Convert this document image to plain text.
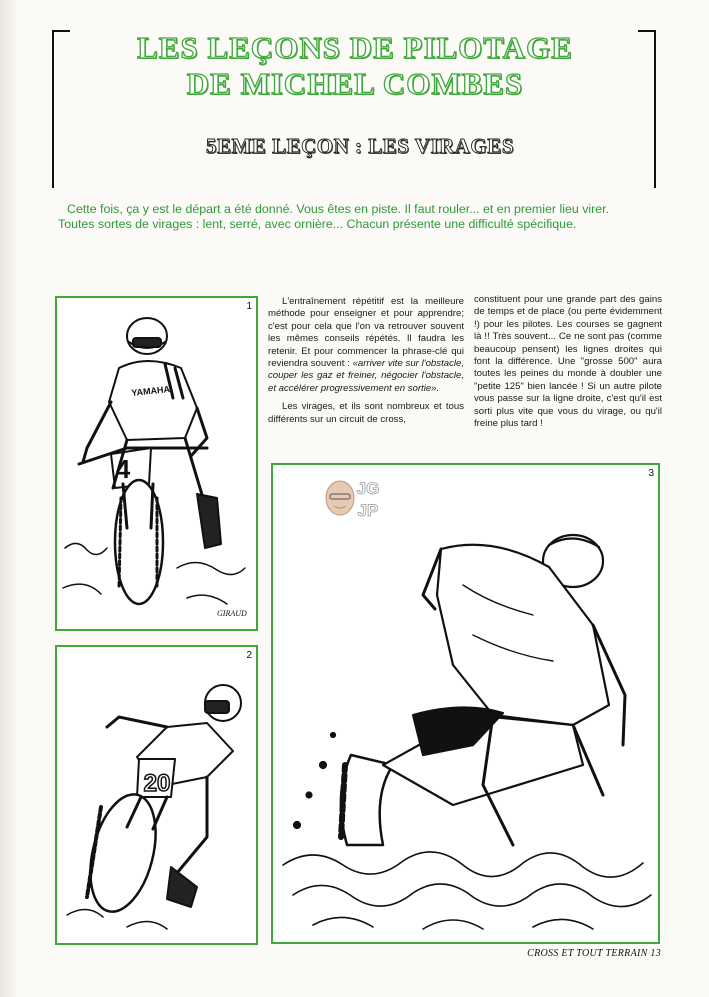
LES LEÇONS DE PILOTAGE
DE MICHEL COMBES
5EME LEÇON : LES VIRAGES

Cette fois, ça y est le départ a été donné. Vous êtes en piste. Il faut rouler... et en premier lieu virer.

Toutes sortes de virages : lent, serré, avec ornière... Chacun présente une difficulté spécifique.

4
YAMAHA
GIRAUD
1
20
2

L'entraînement répétitif est la meilleure méthode pour enseigner et pour apprendre; c'est pour cela que l'on va retrouver souvent les mêmes conseils répétés. Il faudra les retenir. Et pour commencer la phrase-clé qui reviendra souvent : «arriver vite sur l'obstacle, couper les gaz et freiner, négocier l'obstacle, et accélérer progressivement en sortie».

Les virages, et ils sont nombreux et tous différents sur un circuit de cross,

constituent pour une grande part des gains de temps et de place (ou perte évidemment !) pour les pilotes. Les courses se gagnent là !! Très souvent... Ce ne sont pas (comme beaucoup pensent) les lignes droites qui font la différence. Une "grosse 500" aura toutes les peines du monde à doubler une "petite 125" bien lancée ! Si un autre pilote vous passe sur la ligne droite, c'est qu'il est sorti plus vite que vous du virage, ou qu'il freine plus tard !

3
JG
JP
CROSS ET TOUT TERRAIN 13
